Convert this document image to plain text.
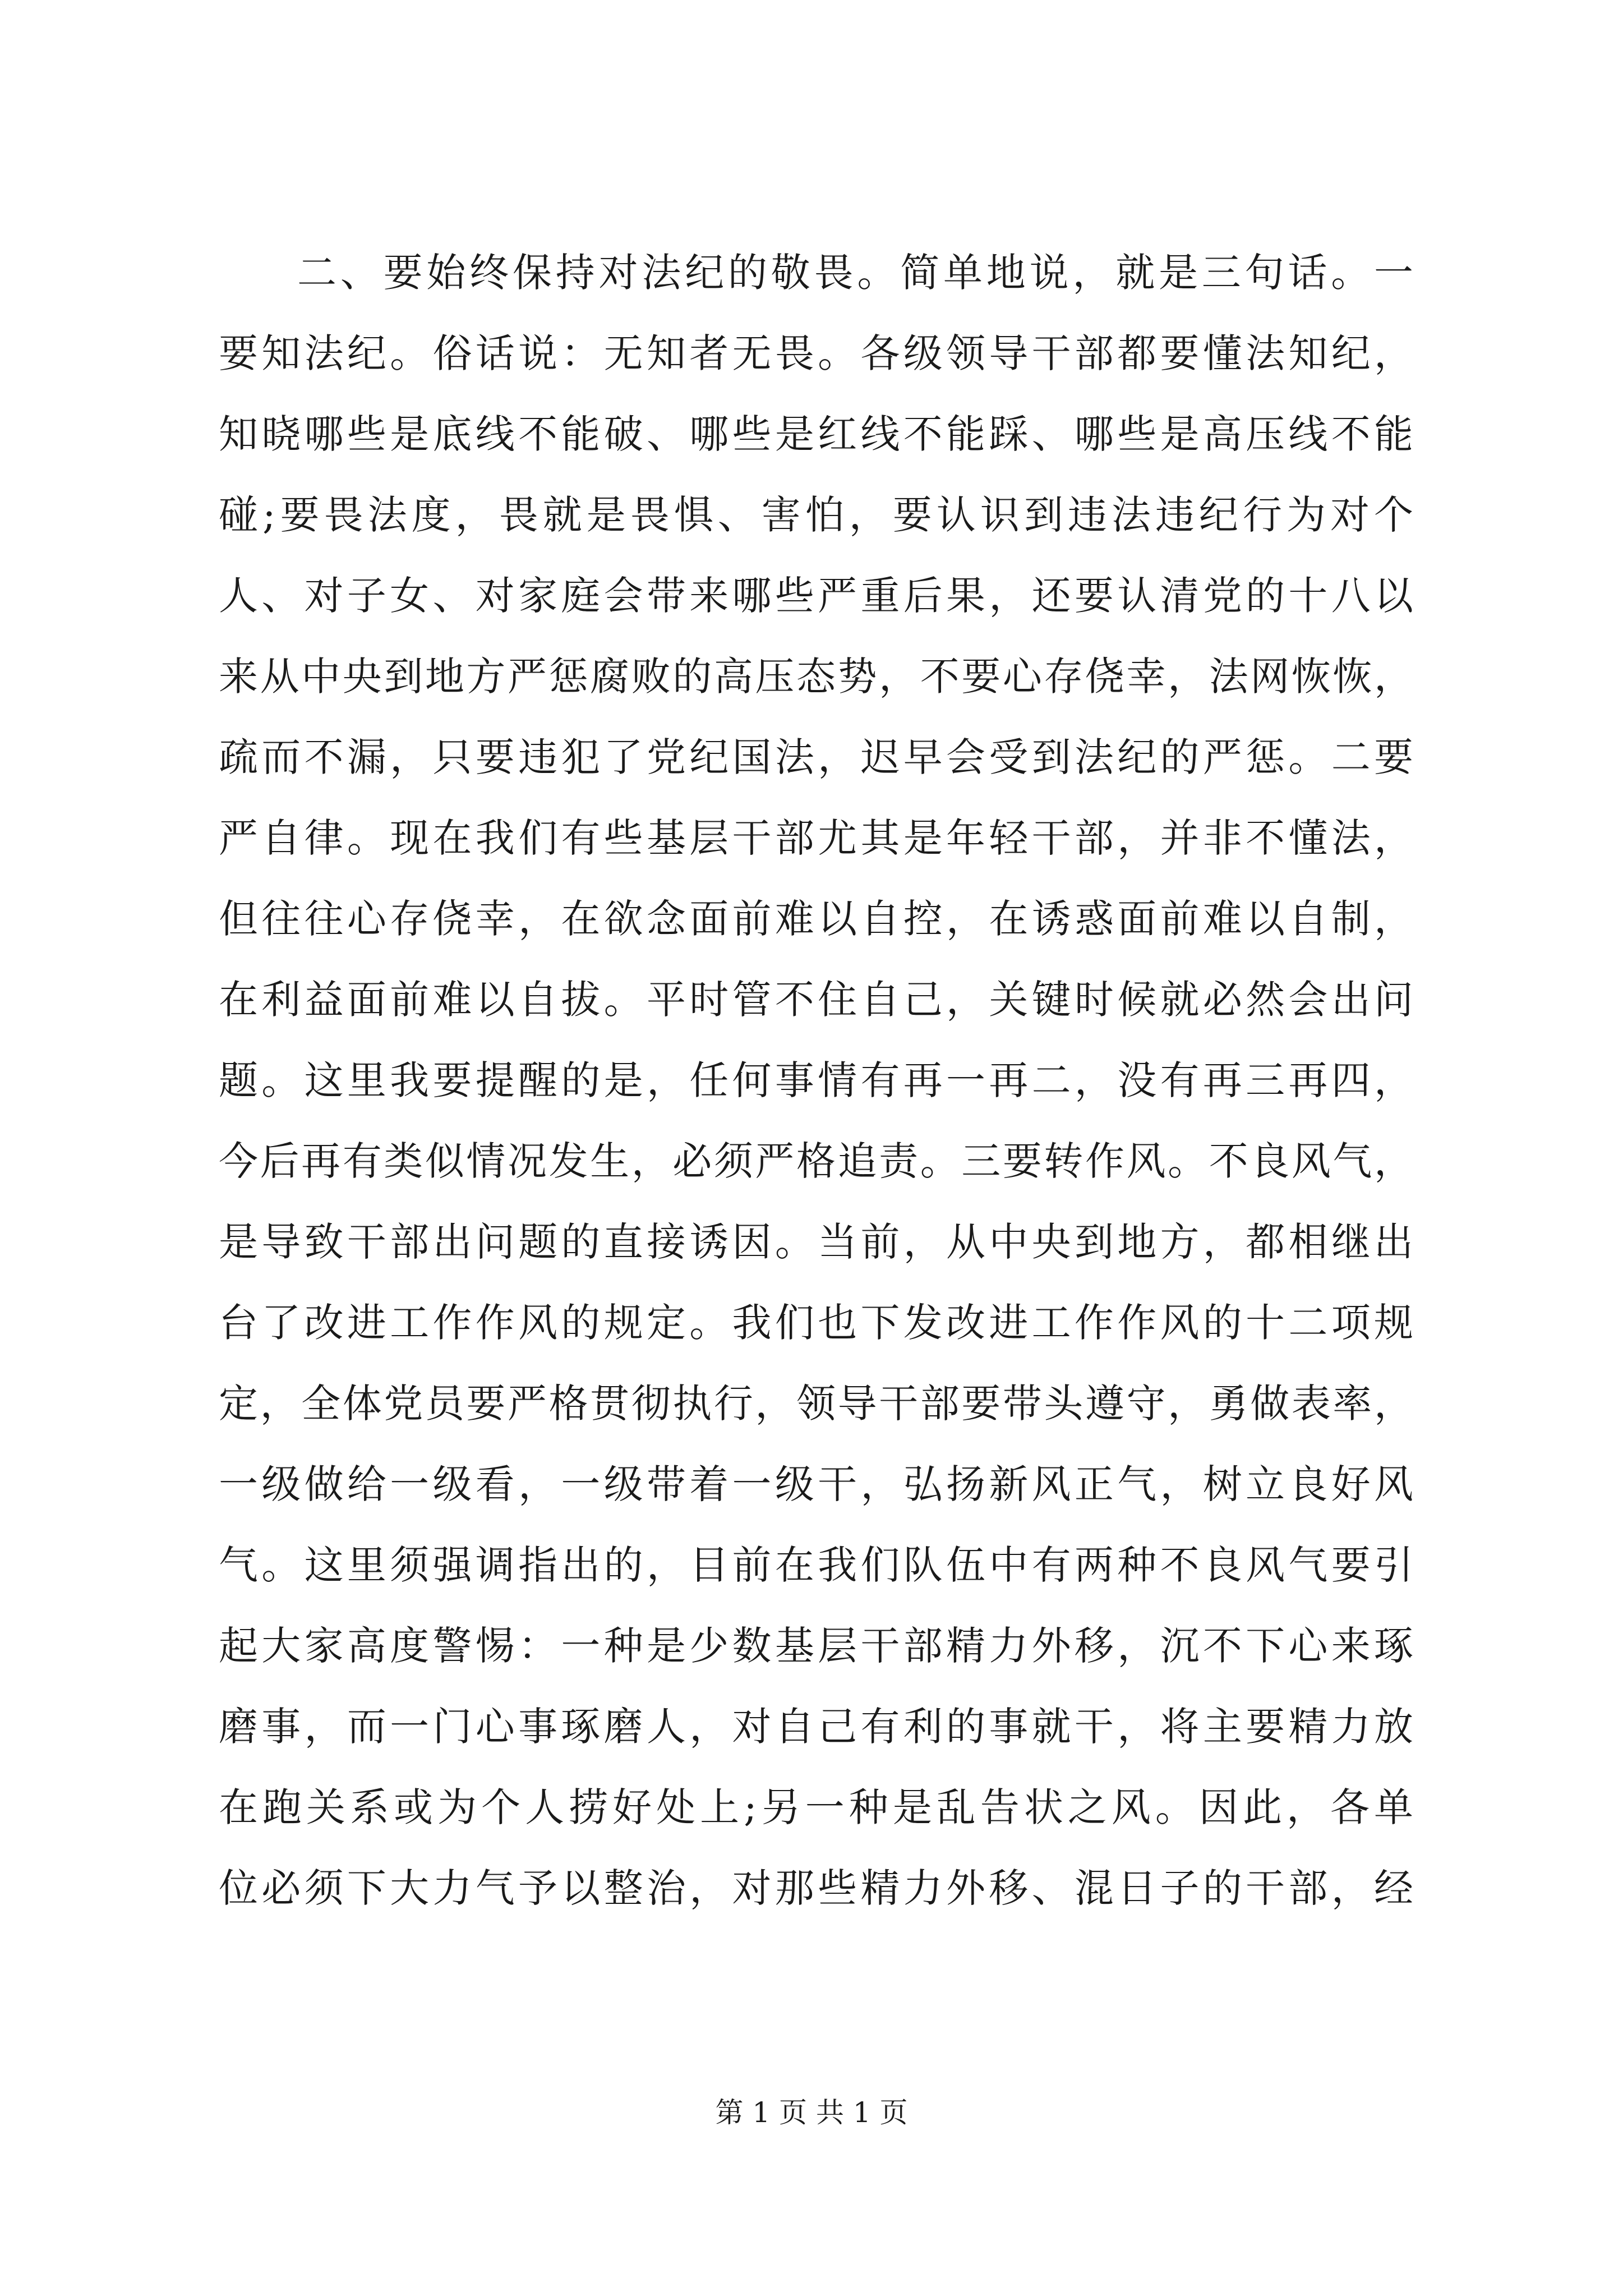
二、要始终保持对法纪的敬畏。简单地说，就是三句话。一
要知法纪。俗话说：无知者无畏。各级领导干部都要懂法知纪，
知晓哪些是底线不能破、哪些是红线不能踩、哪些是高压线不能
碰;要畏法度，畏就是畏惧、害怕，要认识到违法违纪行为对个
人、对子女、对家庭会带来哪些严重后果，还要认清党的十八以
来从中央到地方严惩腐败的高压态势，不要心存侥幸，法网恢恢，
疏而不漏，只要违犯了党纪国法，迟早会受到法纪的严惩。二要
严自律。现在我们有些基层干部尤其是年轻干部，并非不懂法，
但往往心存侥幸，在欲念面前难以自控，在诱惑面前难以自制，
在利益面前难以自拔。平时管不住自己，关键时候就必然会出问
题。这里我要提醒的是，任何事情有再一再二，没有再三再四，
今后再有类似情况发生，必须严格追责。三要转作风。不良风气，
是导致干部出问题的直接诱因。当前，从中央到地方，都相继出
台了改进工作作风的规定。我们也下发改进工作作风的十二项规
定，全体党员要严格贯彻执行，领导干部要带头遵守，勇做表率，
一级做给一级看，一级带着一级干，弘扬新风正气，树立良好风
气。这里须强调指出的，目前在我们队伍中有两种不良风气要引
起大家高度警惕：一种是少数基层干部精力外移，沉不下心来琢
磨事，而一门心事琢磨人，对自己有利的事就干，将主要精力放
在跑关系或为个人捞好处上;另一种是乱告状之风。因此，各单
位必须下大力气予以整治，对那些精力外移、混日子的干部，经
第 1 页 共 1 页
